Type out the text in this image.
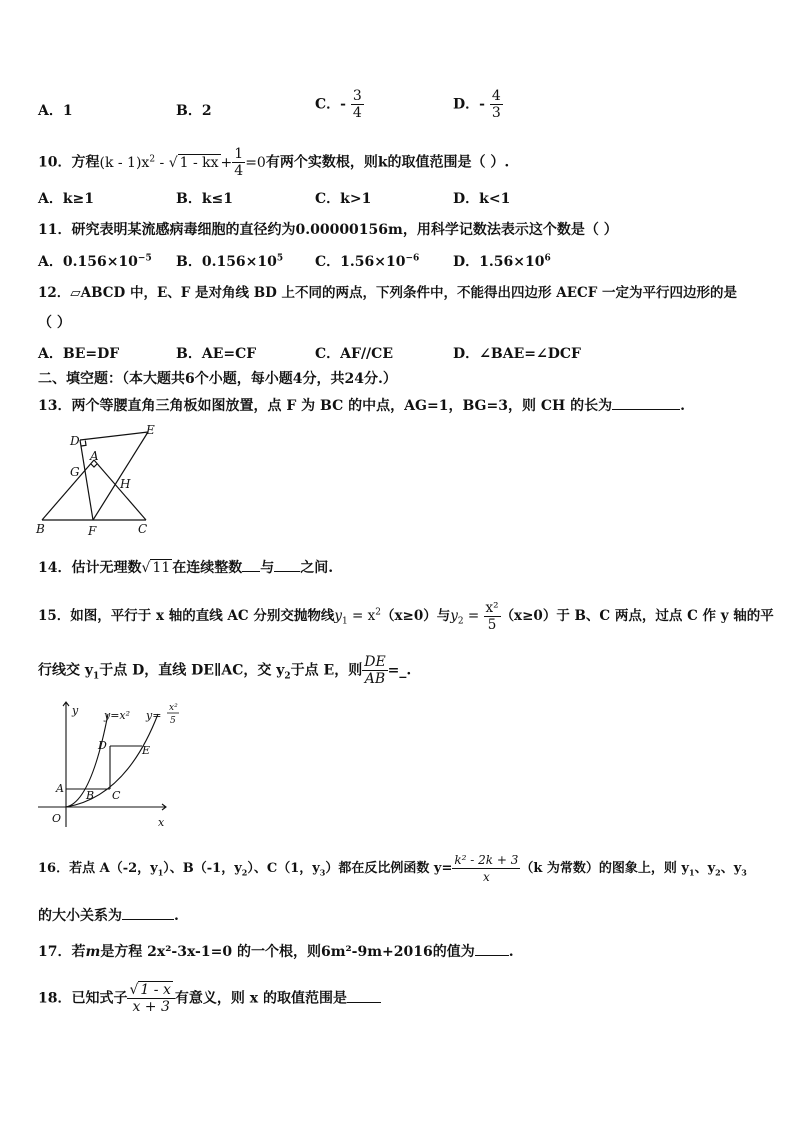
A．1	B．2	C．- $\frac{3}{4}$	D．- $\frac{4}{3}$
10．方程$(k - 1)x^2$ - √ 1 - kx + $\frac{1}{4} =0$有两个实数根，则k的取值范围是（ ）.
A．k≥1	B．k≤1	C．k>1	D．k<1
11．研究表明某流感病毒细胞的直径约为0.00000156m，用科学记数法表示这个数是（ ）
A．$0.156\times 10^{-5}$ B．$0.156\times 10^5$ C．$1.56\times 10^{-6}$ D．$1.56\times 10^6$
12．▱ABCD 中，E、F 是对角线 BD 上不同的两点，下列条件中，不能得出四边形 AECF 一定为平行四边形的是
（ ）
A．BE=DF	B．AE=CF	C．AF//CE	D．∠BAE=∠DCF
二、填空题：（本大题共6个小题，每小题4分，共24分.）
13．两个等腰直角三角板如图放置，点 F 为 BC 的中点，AG=1，BG=3，则 CH 的长为	.
D
E
A
G
H
B	F	C
14．估计无理数√ 11 在连续整数 与 之间.
15．如图，平行于 x 轴的直线 AC 分别交抛物线$y_1 = x^2(x\ge 0)$与$y_2 = \frac{\text{x²}}{5} (x\ge 0)$于 B、C 两点，过点 C 作 y 轴的平
行线交 $y_1$于点 D，直线 DE∥AC，交 $y_2$于点 E，则 $\frac{DE}{AB}$ =_.
y y=x² y=
x²
5
D	E
A
B C
O	x
16．若点 A（-2，$y_1$）、B（-1，$y_2$）、C（1，$y_3$）都在反比例函数 $y= \frac{\text{k² - 2k + 3}}{x} (k$ 为常数）的图象上，则 $y_1$、$y_2$、$y_3$
的大小关系为	.
17．若m是方程 2x²-3x-1=0 的一个根，则6m²-9m+2016的值为 .
18．已知式子 $\frac{√ 1 - x}{x + 3}$ 有意义，则 x 的取值范围是
